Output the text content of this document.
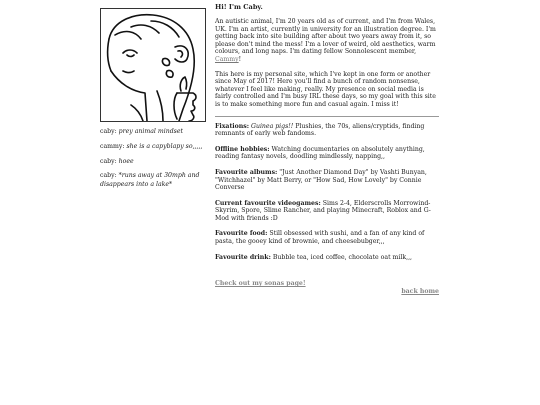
caby: prey animal mindset

cammy: she is a capyblapy so,,,,,

caby: hoee

caby: *runs away at 30mph and disappears into a lake*

Hi! I'm Caby.

An autistic animal, I'm 20 years old as of current, and I'm from Wales, UK. I'm an artist, currently in university for an illustration degree. I'm getting back into site building after about two years away from it, so please don't mind the mess! I'm a lover of weird, old aesthetics, warm colours, and long naps. I'm dating fellow Sonnolescent member, Cammy!

This here is my personal site, which I've kept in one form or another since May of 2017! Here you'll find a bunch of random nonsense, whatever I feel like making, really. My presence on social media is fairly controlled and I'm busy IRL these days, so my goal with this site is to make something more fun and casual again. I miss it!

Fixations: Guinea pigs!! Plushies, the 70s, aliens/cryptids, finding remnants of early web fandoms.
Offline hobbies: Watching documentaries on absolutely anything, reading fantasy novels, doodling mindlessly, napping,,
Favourite albums: "Just Another Diamond Day" by Vashti Bunyan, "Witchhazel" by Matt Berry, or "How Sad, How Lovely" by Connie Converse
Current favourite videogames: Sims 2-4, Elderscrolls Morrowind-Skyrim, Spore, Slime Rancher, and playing Minecraft, Roblox and G-Mod with friends :D
Favourite food: Still obsessed with sushi, and a fan of any kind of pasta, the gooey kind of brownie, and cheesebubger,,,
Favourite drink: Bubble tea, iced coffee, chocolate oat milk,,,
Check out my sonas page!
back home
